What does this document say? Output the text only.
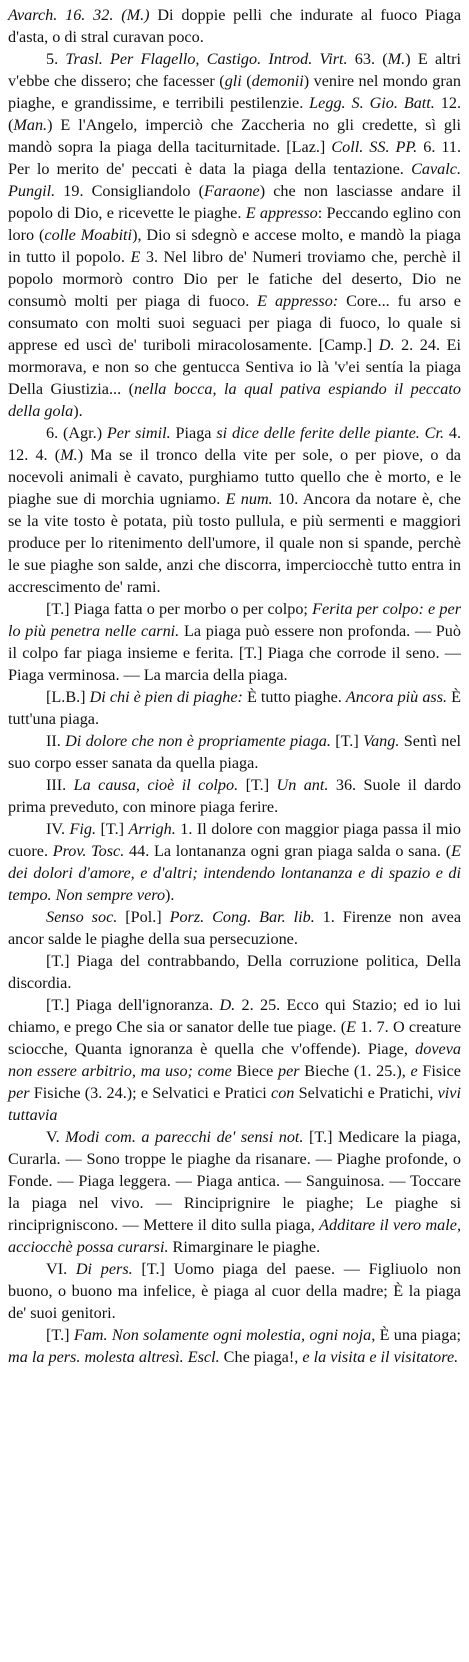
Avarch. 16. 32. (M.) Di doppie pelli che indurate al fuoco Piaga d'asta, o di stral curavan poco.

5. Trasl. Per Flagello, Castigo. Introd. Virt. 63. (M.) E altri v'ebbe che dissero; che facesser (gli (demonii) venire nel mondo gran piaghe, e grandissime, e terribili pestilenzie. Legg. S. Gio. Batt. 12. (Man.) E l'Angelo, imperciò che Zaccheria no gli credette, sì gli mandò sopra la piaga della taciturnitade. [Laz.] Coll. SS. PP. 6. 11. Per lo merito de' peccati è data la piaga della tentazione. Cavalc. Pungil. 19. Consigliandolo (Faraone) che non lasciasse andare il popolo di Dio, e ricevette le piaghe. E appresso: Peccando eglino con loro (colle Moabiti), Dio si sdegnò e accese molto, e mandò la piaga in tutto il popolo. E 3. Nel libro de' Numeri troviamo che, perchè il popolo mormorò contro Dio per le fatiche del deserto, Dio ne consumò molti per piaga di fuoco. E appresso: Core... fu arso e consumato con molti suoi seguaci per piaga di fuoco, lo quale si apprese ed uscì de' turiboli miracolosamente. [Camp.] D. 2. 24. Ei mormorava, e non so che gentucca Sentiva io là 'v'ei sentía la piaga Della Giustizia... (nella bocca, la qual pativa espiando il peccato della gola).

6. (Agr.) Per simil. Piaga si dice delle ferite delle piante. Cr. 4. 12. 4. (M.) Ma se il tronco della vite per sole, o per piove, o da nocevoli animali è cavato, purghiamo tutto quello che è morto, e le piaghe sue di morchia ugniamo. E num. 10. Ancora da notare è, che se la vite tosto è potata, più tosto pullula, e più sermenti e maggiori produce per lo ritenimento dell'umore, il quale non si spande, perchè le sue piaghe son salde, anzi che discorra, imperciocchè tutto entra in accrescimento de' rami.

[T.] Piaga fatta o per morbo o per colpo; Ferita per colpo: e per lo più penetra nelle carni. La piaga può essere non profonda. — Può il colpo far piaga insieme e ferita. [T.] Piaga che corrode il seno. — Piaga verminosa. — La marcia della piaga.

[L.B.] Di chi è pien di piaghe: È tutto piaghe. Ancora più ass. È tutt'una piaga.

II. Di dolore che non è propriamente piaga. [T.] Vang. Sentì nel suo corpo esser sanata da quella piaga.

III. La causa, cioè il colpo. [T.] Un ant. 36. Suole il dardo prima preveduto, con minore piaga ferire.

IV. Fig. [T.] Arrigh. 1. Il dolore con maggior piaga passa il mio cuore. Prov. Tosc. 44. La lontananza ogni gran piaga salda o sana. (E dei dolori d'amore, e d'altri; intendendo lontananza e di spazio e di tempo. Non sempre vero).

Senso soc. [Pol.] Porz. Cong. Bar. lib. 1. Firenze non avea ancor salde le piaghe della sua persecuzione.

[T.] Piaga del contrabbando, Della corruzione politica, Della discordia.

[T.] Piaga dell'ignoranza. D. 2. 25. Ecco qui Stazio; ed io lui chiamo, e prego Che sia or sanator delle tue piage. (E 1. 7. O creature sciocche, Quanta ignoranza è quella che v'offende). Piage, doveva non essere arbitrio, ma uso; come Biece per Bieche (1. 25.), e Fisice per Fisiche (3. 24.); e Selvatici e Pratici con Selvatichi e Pratichi, vivi tuttavia

V. Modi com. a parecchi de' sensi not. [T.] Medicare la piaga, Curarla. — Sono troppe le piaghe da risanare. — Piaghe profonde, o Fonde. — Piaga leggera. — Piaga antica. — Sanguinosa. — Toccare la piaga nel vivo. — Rinciprignire le piaghe; Le piaghe si rinciprigniscono. — Mettere il dito sulla piaga, Additare il vero male, acciocchè possa curarsi. Rimarginare le piaghe.

VI. Di pers. [T.] Uomo piaga del paese. — Figliuolo non buono, o buono ma infelice, è piaga al cuor della madre; È la piaga de' suoi genitori.

[T.] Fam. Non solamente ogni molestia, ogni noja, È una piaga; ma la pers. molesta altresì. Escl. Che piaga!, e la visita e il visitatore.
